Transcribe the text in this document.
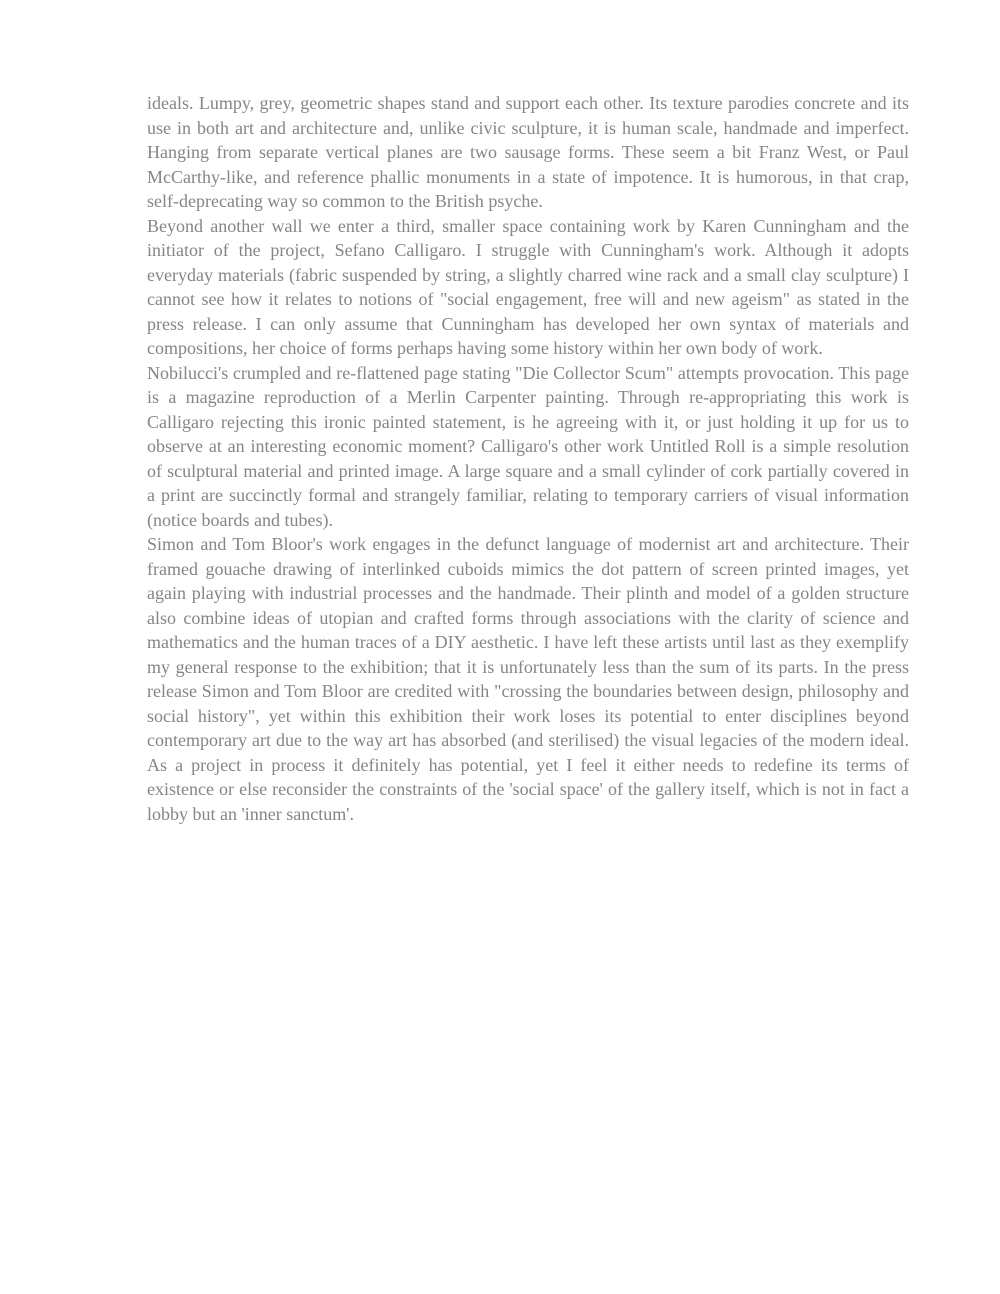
ideals. Lumpy, grey, geometric shapes stand and support each other. Its texture parodies concrete and its use in both art and architecture and, unlike civic sculpture, it is human scale, handmade and imperfect. Hanging from separate vertical planes are two sausage forms. These seem a bit Franz West, or Paul McCarthy-like, and reference phallic monuments in a state of impotence. It is humorous, in that crap, self-deprecating way so common to the British psyche.

Beyond another wall we enter a third, smaller space containing work by Karen Cunningham and the initiator of the project, Sefano Calligaro. I struggle with Cunningham's work. Although it adopts everyday materials (fabric suspended by string, a slightly charred wine rack and a small clay sculpture) I cannot see how it relates to notions of "social engagement, free will and new ageism" as stated in the press release. I can only assume that Cunningham has developed her own syntax of materials and compositions, her choice of forms perhaps having some history within her own body of work.

Nobilucci's crumpled and re-flattened page stating "Die Collector Scum" attempts provocation. This page is a magazine reproduction of a Merlin Carpenter painting. Through re-appropriating this work is Calligaro rejecting this ironic painted statement, is he agreeing with it, or just holding it up for us to observe at an interesting economic moment? Calligaro's other work Untitled Roll is a simple resolution of sculptural material and printed image. A large square and a small cylinder of cork partially covered in a print are succinctly formal and strangely familiar, relating to temporary carriers of visual information (notice boards and tubes).

Simon and Tom Bloor's work engages in the defunct language of modernist art and architecture. Their framed gouache drawing of interlinked cuboids mimics the dot pattern of screen printed images, yet again playing with industrial processes and the handmade. Their plinth and model of a golden structure also combine ideas of utopian and crafted forms through associations with the clarity of science and mathematics and the human traces of a DIY aesthetic. I have left these artists until last as they exemplify my general response to the exhibition; that it is unfortunately less than the sum of its parts. In the press release Simon and Tom Bloor are credited with "crossing the boundaries between design, philosophy and social history", yet within this exhibition their work loses its potential to enter disciplines beyond contemporary art due to the way art has absorbed (and sterilised) the visual legacies of the modern ideal. As a project in process it definitely has potential, yet I feel it either needs to redefine its terms of existence or else reconsider the constraints of the 'social space' of the gallery itself, which is not in fact a lobby but an 'inner sanctum'.
